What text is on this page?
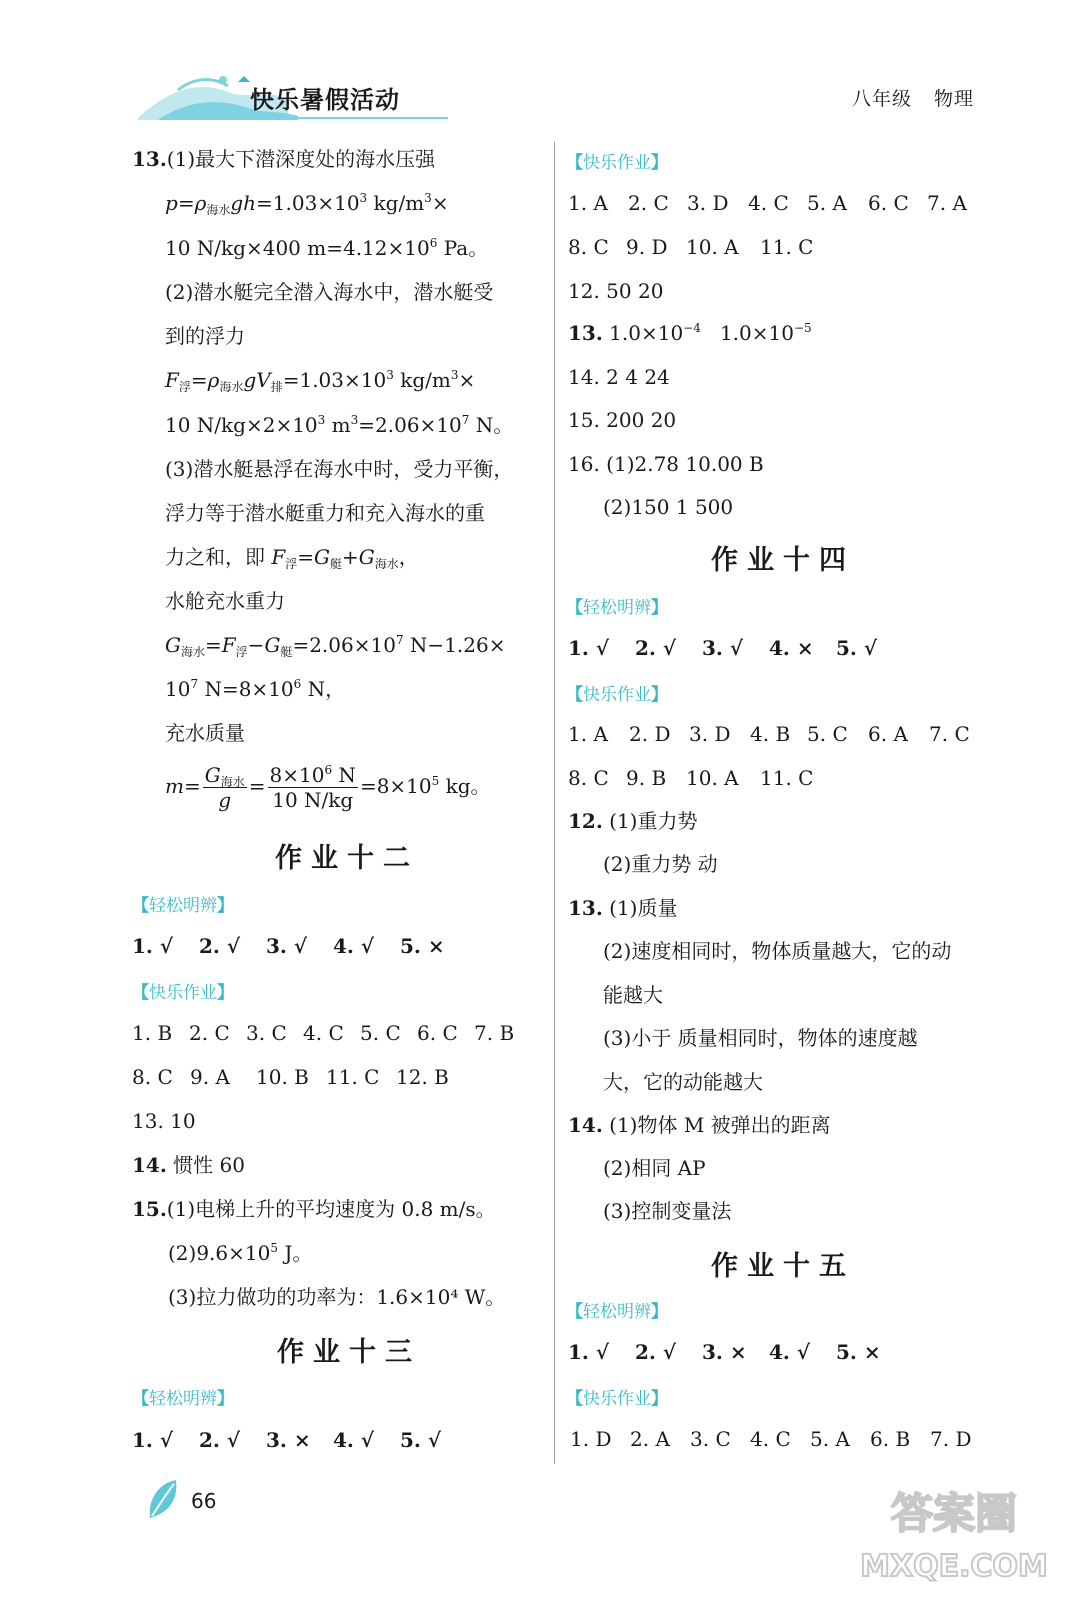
快乐暑假活动	八年级 物理
13.(1)最大下潜深度处的海水压强
$p=\rho_{海水}gh=1.03\times 10^3$ $kg/m^3\times$
10 N/kg×400 $m=4.12\times 10^6$ Pa。
(2)潜水艇完全潜入海水中，潜水艇受
到的浮力
$F_浮=\rho_{海水}gV_排=1.03\times 10^3$ $kg/m^3\times$
10 $N/kg\times 2\times 10^3$ $m^3=2.06\times 10^7$ N。
(3)潜水艇悬浮在海水中时，受力平衡，
浮力等于潜水艇重力和充入海水的重
力之和，即 $F_浮=G_艇+G_{海水}$，
水舱充水重力
$G_{海水}=F_浮-G_艇=2.06\times 10^7$ N−1.26×
$10^7$ $N=8\times 10^6$ N，
充水质量
$m= \frac{G_{海水}}{g} = \frac{8\times 10^6 N}{10 N/kg} =8\times 10^5$ kg。
作业十二
【轻松明辨】
1. √ 2. √ 3. √ 4. √ 5. ×
【快乐作业】
1. B 2. C 3. C 4. C 5. C 6. C 7. B
8. C 9. A 10. B 11. C 12. B
13. 10
14. 惯性 60
15.(1)电梯上升的平均速度为 0.8 m/s。
$(2)9.6\times 10^5$ J。
(3)拉力做功的功率为：1.6×10⁴ W。
作业十三
【轻松明辨】
1. √ 2. √ 3. × 4. √ 5. √
【快乐作业】
1. A 2. C 3. D 4. C 5. A 6. C 7. A
8. C 9. D 10. A 11. C
12. 50 20
13. $1.0\times 10^{-4}$   $1.0\times 10^{-5}$
14. 2 4 24
15. 200 20
16. (1)2.78 10.00 B
(2)150 1 500
作业十四
【轻松明辨】
1. √ 2. √ 3. √ 4. × 5. √
【快乐作业】
1. A 2. D 3. D 4. B 5. C 6. A 7. C
8. C 9. B 10. A 11. C
12. (1)重力势
(2)重力势 动
13. (1)质量
(2)速度相同时，物体质量越大，它的动
能越大
(3)小于 质量相同时，物体的速度越
大，它的动能越大
14. (1)物体 M 被弹出的距离
(2)相同 AP
(3)控制变量法
作业十五
【轻松明辨】
1. √ 2. √ 3. × 4. √ 5. ×
【快乐作业】
1. D 2. A 3. C 4. C 5. A 6. B 7. D
66	答案圈
MXQE.COM
